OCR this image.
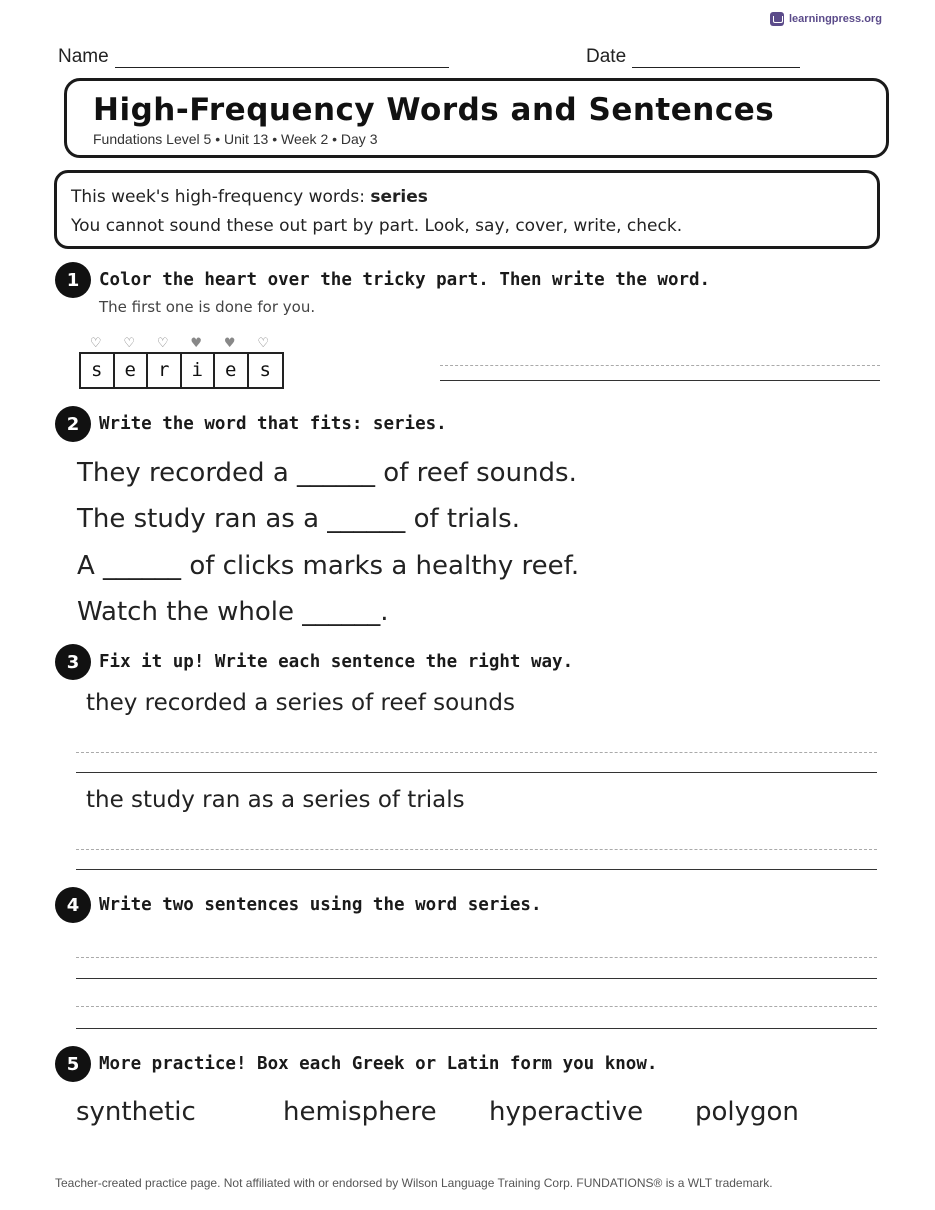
learningpress.org
Name	Date
High-Frequency Words and Sentences
Fundations Level 5 • Unit 13 • Week 2 • Day 3
This week's high-frequency words: series
You cannot sound these out part by part. Look, say, cover, write, check.
1	Color the heart over the tricky part. Then write the word.
The first one is done for you.
♡	♡	♡	♥	♥	♡
s	e	r	i	e	s
2	Write the word that fits: series.
They recorded a ______ of reef sounds.
The study ran as a ______ of trials.
A ______ of clicks marks a healthy reef.
Watch the whole ______.
3	Fix it up! Write each sentence the right way.
they recorded a series of reef sounds
the study ran as a series of trials
4	Write two sentences using the word series.
5	More practice! Box each Greek or Latin form you know.
synthetic	hemisphere hyperactive polygon
Teacher-created practice page. Not affiliated with or endorsed by Wilson Language Training Corp. FUNDATIONS® is a WLT trademark.
